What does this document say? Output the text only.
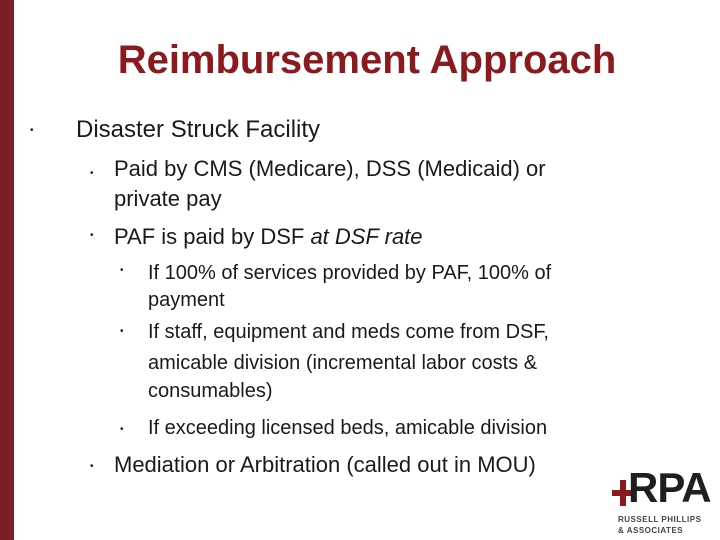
Reimbursement Approach
• Disaster Struck Facility
• Paid by CMS (Medicare), DSS (Medicaid) or
private pay
• PAF is paid by DSF at DSF rate
• If 100% of services provided by PAF, 100% of
payment
• If staff, equipment and meds come from DSF,
amicable division (incremental labor costs &
consumables)
• If exceeding licensed beds, amicable division
• Mediation or Arbitration (called out in MOU) RPA
RUSSELL PHILLIPS
& ASSOCIATES
